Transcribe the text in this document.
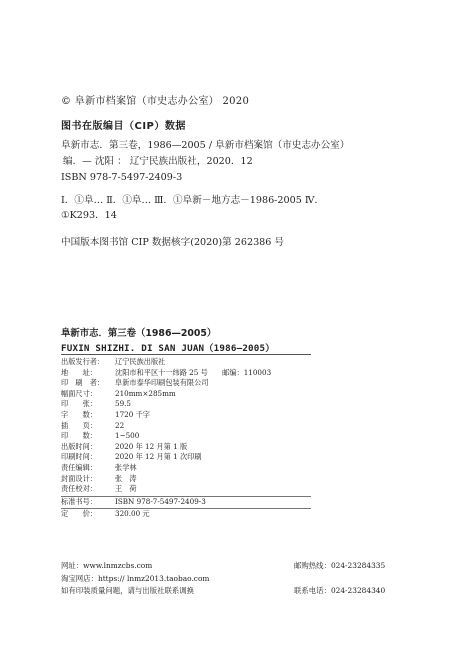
© 阜新市档案馆（市史志办公室） 2020
图书在版编目（CIP）数据
阜新市志．第三卷，1986—2005 / 阜新市档案馆（市史志办公室）
编．— 沈阳 ： 辽宁民族出版社，2020．12
ISBN 978-7-5497-2409-3
Ⅰ．①阜… Ⅱ．①阜… Ⅲ．①阜新－地方志－1986-2005 Ⅳ．
①K293．14
中国版本图书馆 CIP 数据核字(2020)第 262386 号
阜新市志．第三卷（1986—2005）
FUXIN SHIZHI. DI SAN JUAN（1986—2005）
出版发行者：	辽宁民族出版社
地　　址：	沈阳市和平区十一纬路 25 号　　邮编：110003
印　刷　者：	阜新市泰华印刷包装有限公司
幅面尺寸：	210mm×285mm
印　　张：	59.5
字　　数：	1720 千字
插　　页：	22
印　　数：	1~500
出版时间：	2020 年 12 月第 1 版
印刷时间：	2020 年 12 月第 1 次印刷
责任编辑：	张学林
封面设计：	张　涛
责任校对：	王　荷
标准书号：	ISBN 978-7-5497-2409-3
定　　价：	320.00 元
网址：www.lnmzcbs.com	邮购热线：024-23284335
淘宝网店：https:// lnmz2013.taobao.com
如有印装质量问题，请与出版社联系调换	联系电话：024-23284340
